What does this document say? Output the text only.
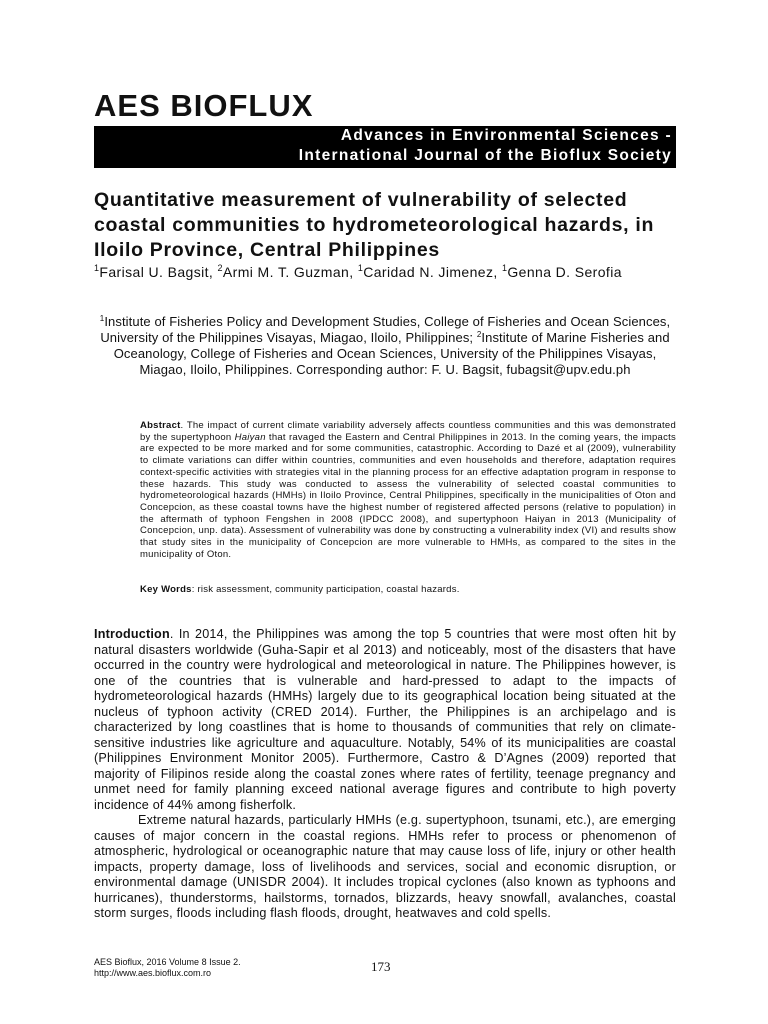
AES BIOFLUX
Advances in Environmental Sciences -
International Journal of the Bioflux Society
Quantitative measurement of vulnerability of selected coastal communities to hydrometeorological hazards, in Iloilo Province, Central Philippines
$^1$Farisal U. Bagsit, $^2$Armi M. T. Guzman, $^1$Caridad N. Jimenez, $^1$Genna D. Serofia
$^1$Institute of Fisheries Policy and Development Studies, College of Fisheries and Ocean Sciences, University of the Philippines Visayas, Miagao, Iloilo, Philippines; $^2$Institute of Marine Fisheries and Oceanology, College of Fisheries and Ocean Sciences, University of the Philippines Visayas, Miagao, Iloilo, Philippines. Corresponding author: F. U. Bagsit, fubagsit@upv.edu.ph
Abstract. The impact of current climate variability adversely affects countless communities and this was demonstrated by the supertyphoon Haiyan that ravaged the Eastern and Central Philippines in 2013. In the coming years, the impacts are expected to be more marked and for some communities, catastrophic. According to Dazé et al (2009), vulnerability to climate variations can differ within countries, communities and even households and therefore, adaptation requires context-specific activities with strategies vital in the planning process for an effective adaptation program in response to these hazards. This study was conducted to assess the vulnerability of selected coastal communities to hydrometeorological hazards (HMHs) in Iloilo Province, Central Philippines, specifically in the municipalities of Oton and Concepcion, as these coastal towns have the highest number of registered affected persons (relative to population) in the aftermath of typhoon Fengshen in 2008 (IPDCC 2008), and supertyphoon Haiyan in 2013 (Municipality of Concepcion, unp. data). Assessment of vulnerability was done by constructing a vulnerability index (VI) and results show that study sites in the municipality of Concepcion are more vulnerable to HMHs, as compared to the sites in the municipality of Oton.
Key Words: risk assessment, community participation, coastal hazards.

Introduction. In 2014, the Philippines was among the top 5 countries that were most often hit by natural disasters worldwide (Guha-Sapir et al 2013) and noticeably, most of the disasters that have occurred in the country were hydrological and meteorological in nature. The Philippines however, is one of the countries that is vulnerable and hard-pressed to adapt to the impacts of hydrometeorological hazards (HMHs) largely due to its geographical location being situated at the nucleus of typhoon activity (CRED 2014). Further, the Philippines is an archipelago and is characterized by long coastlines that is home to thousands of communities that rely on climate-sensitive industries like agriculture and aquaculture. Notably, 54% of its municipalities are coastal (Philippines Environment Monitor 2005). Furthermore, Castro & D’Agnes (2009) reported that majority of Filipinos reside along the coastal zones where rates of fertility, teenage pregnancy and unmet need for family planning exceed national average figures and contribute to high poverty incidence of 44% among fisherfolk.

Extreme natural hazards, particularly HMHs (e.g. supertyphoon, tsunami, etc.), are emerging causes of major concern in the coastal regions. HMHs refer to process or phenomenon of atmospheric, hydrological or oceanographic nature that may cause loss of life, injury or other health impacts, property damage, loss of livelihoods and services, social and economic disruption, or environmental damage (UNISDR 2004). It includes tropical cyclones (also known as typhoons and hurricanes), thunderstorms, hailstorms, tornados, blizzards, heavy snowfall, avalanches, coastal storm surges, floods including flash floods, drought, heatwaves and cold spells.

AES Bioflux, 2016 Volume 8 Issue 2.
http://www.aes.bioflux.com.ro	173
